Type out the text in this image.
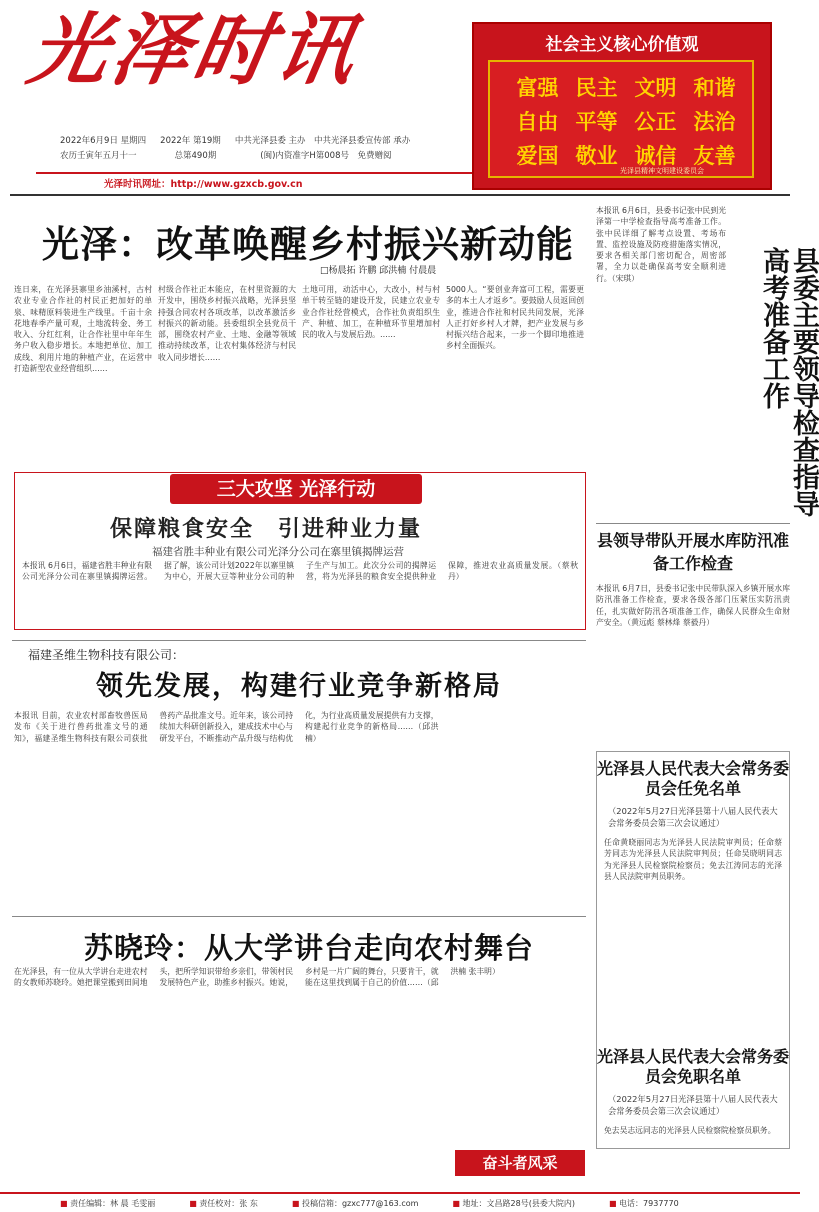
光泽时讯
2022年6月9日 星期四 2022年 第19期 中共光泽县委 主办　中共光泽县委宣传部 承办
农历壬寅年五月十一	总第490期	(闽)内资准字H第008号　免费赠阅
光泽时讯网址：http://www.gzxcb.gov.cn
社会主义核心价值观
富强 民主 文明 和谐
自由 平等 公正 法治
爱国 敬业 诚信 友善
光泽县精神文明建设委员会
光泽：改革唤醒乡村振兴新动能
□杨晨拓 许鹏 邱洪楠 付晨晨
连日来，在光泽县寨里乡油溪村，古村农业专业合作社的村民正把加好的单泉、味精原料装进生产线里。千亩十余花地春季产量可观，土地流转金、务工收入、分红红利，让合作社里中年年生务户收入稳步增长。本地把单位、加工成线、利用片地的种植产业，在运营中打造新型农业经营组织……
村级合作社正本能应，在村里资源的大开发中，围绕乡村振兴战略，光泽县坚持强合同农村各项改革，以改革激活乡村振兴的新动能。县委组织全县党员干部，围绕农村产业、土地、金融等领域推动持续改革，让农村集体经济与村民收入同步增长……
土地可用，动活中心，大改小，村与村单干转至链的建设开发，民建立农业专业合作社经营模式，合作社负责组织生产、种植、加工，在种植环节里增加村民的收入与发展后劲。……
5000人。“要创业奔富可工程，需要更多的本土人才返乡”。要鼓励人员返回创业，推进合作社和村民共同发展，光泽人正打好乡村人才牌，把产业发展与乡村振兴结合起来，一步一个脚印地推进乡村全面振兴。
三大攻坚 光泽行动
保障粮食安全　引进种业力量
福建省胜丰种业有限公司光泽分公司在寨里镇揭牌运营
本报讯 6月6日，福建省胜丰种业有限公司光泽分公司在寨里镇揭牌运营。据了解，该公司计划2022年以寨里镇为中心，开展大豆等种业分公司的种子生产与加工。此次分公司的揭牌运营，将为光泽县的粮食安全提供种业保障，推进农业高质量发展。（蔡秋丹）
福建圣维生物科技有限公司：
领先发展，构建行业竞争新格局
本报讯 目前，农业农村部畜牧兽医局发布《关于进行兽药批准文号的通知》，福建圣维生物科技有限公司获批兽药产品批准文号。近年来，该公司持续加大科研创新投入，建成技术中心与研发平台，不断推动产品升级与结构优化，为行业高质量发展提供有力支撑，构建起行业竞争的新格局……（邱洪楠）
苏晓玲：从大学讲台走向农村舞台
在光泽县，有一位从大学讲台走进农村的女教师苏晓玲。她把课堂搬到田间地头，把所学知识带给乡亲们，带领村民发展特色产业，助推乡村振兴。她说，乡村是一片广阔的舞台，只要肯干，就能在这里找到属于自己的价值……（邱洪楠 张丰明）
奋斗者风采
本报讯 6月6日，县委书记张中民到光泽第一中学检查指导高考准备工作。张中民详细了解考点设置、考场布置、监控设施及防疫措施落实情况，要求各相关部门密切配合，周密部署，全力以赴确保高考安全顺利进行。（宋琪）	县委主要领导检查指导高考准备工作
县领导带队开展水库防汛准备工作检查
本报讯 6月7日，县委书记张中民带队深入乡镇开展水库防汛准备工作检查，要求各级各部门压紧压实防汛责任，扎实做好防汛各项准备工作，确保人民群众生命财产安全。（黄远彪 蔡林烽 蔡毅丹）
光泽县人民代表大会常务委员会任免名单
（2022年5月27日光泽县第十八届人民代表大会常务委员会第三次会议通过）
任命黄晓丽同志为光泽县人民法院审判员；任命蔡芳同志为光泽县人民法院审判员；任命吴晓明同志为光泽县人民检察院检察员；免去江涛同志的光泽县人民法院审判员职务。
光泽县人民代表大会常务委员会免职名单
（2022年5月27日光泽县第十八届人民代表大会常务委员会第三次会议通过）
免去吴志远同志的光泽县人民检察院检察员职务。
■ 责任编辑：林 晨 毛雯丽	■ 责任校对：张 东	■ 投稿信箱：gzxc777@163.com	■ 地址：文昌路28号(县委大院内)	■ 电话：7937770
